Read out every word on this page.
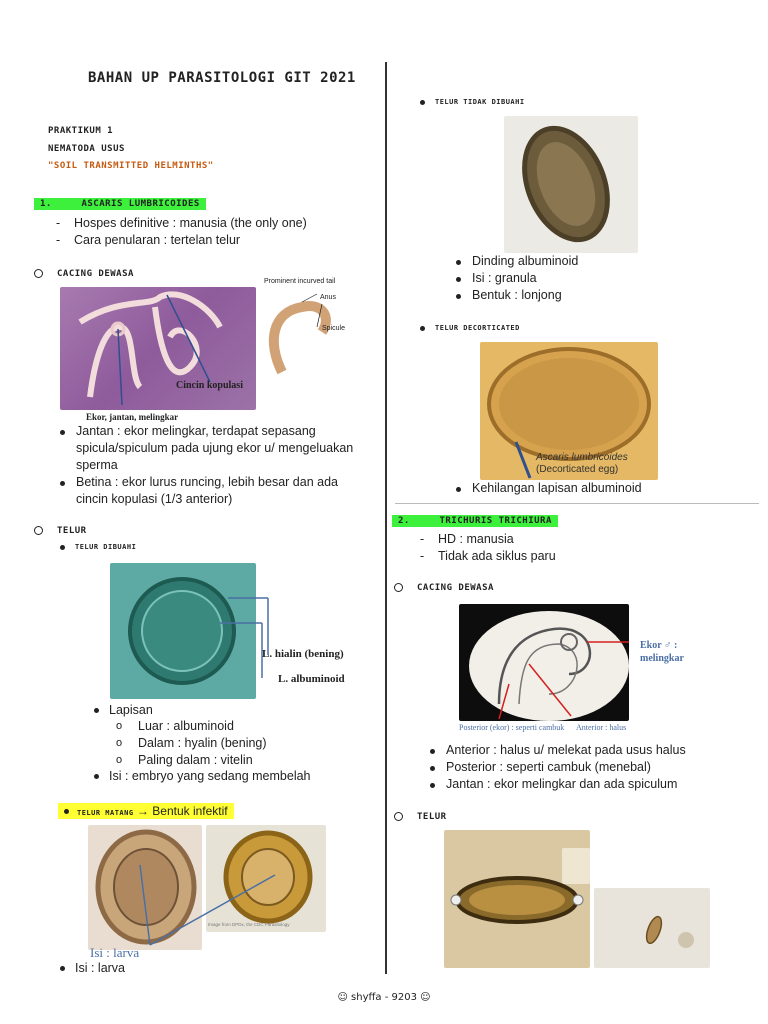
BAHAN UP PARASITOLOGI GIT 2021
PRAKTIKUM 1
NEMATODA USUS
"SOIL TRANSMITTED HELMINTHS"
1.	ASCARIS LUMBRICOIDES
- Hospes definitive : manusia (the only one)
- Cara penularan : tertelan telur
CACING DEWASA
Cincin kopulasi
Ekor, jantan, melingkar
Prominent incurved tail
Anus
Spicule
Jantan : ekor melingkar, terdapat sepasang spicula/spiculum pada ujung ekor u/ mengeluakan sperma
Betina : ekor lurus runcing, lebih besar dan ada cincin kopulasi (1/3 anterior)
TELUR
TELUR DIBUAHI
L. hialin (bening)
L. albuminoid
Lapisan
o Luar : albuminoid
o Dalam : hyalin (bening)
o Paling dalam : vitelin
Isi : embryo yang sedang membelah
TELUR MATANG → Bentuk infektif
Image from DPDx, the CDC Parasitology
Isi : larva
Isi : larva
TELUR TIDAK DIBUAHI
Dinding albuminoid
Isi : granula
Bentuk : lonjong
TELUR DECORTICATED
Ascaris lumbricoides
(Decorticated egg)
Kehilangan lapisan albuminoid
2.	TRICHURIS TRICHIURA
- HD : manusia
- Tidak ada siklus paru
CACING DEWASA
Ekor ♂ :
melingkar
Posterior (ekor) : seperti cambuk	Anterior : halus
Anterior : halus u/ melekat pada usus halus
Posterior : seperti cambuk (menebal)
Jantan : ekor melingkar dan ada spiculum
TELUR
☺ shyffa - 9203 ☺
